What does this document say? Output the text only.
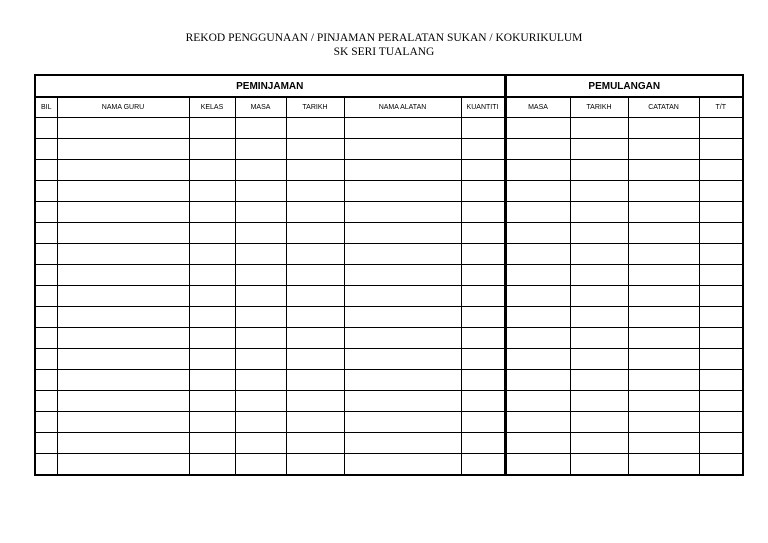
REKOD PENGGUNAAN / PINJAMAN PERALATAN SUKAN / KOKURIKULUM
SK SERI TUALANG
PEMINJAMAN							PEMULANGAN			
BIL	NAMA GURU	KELAS	MASA	TARIKH	NAMA ALATAN	KUANTITI	MASA	TARIKH	CATATAN	T/T
